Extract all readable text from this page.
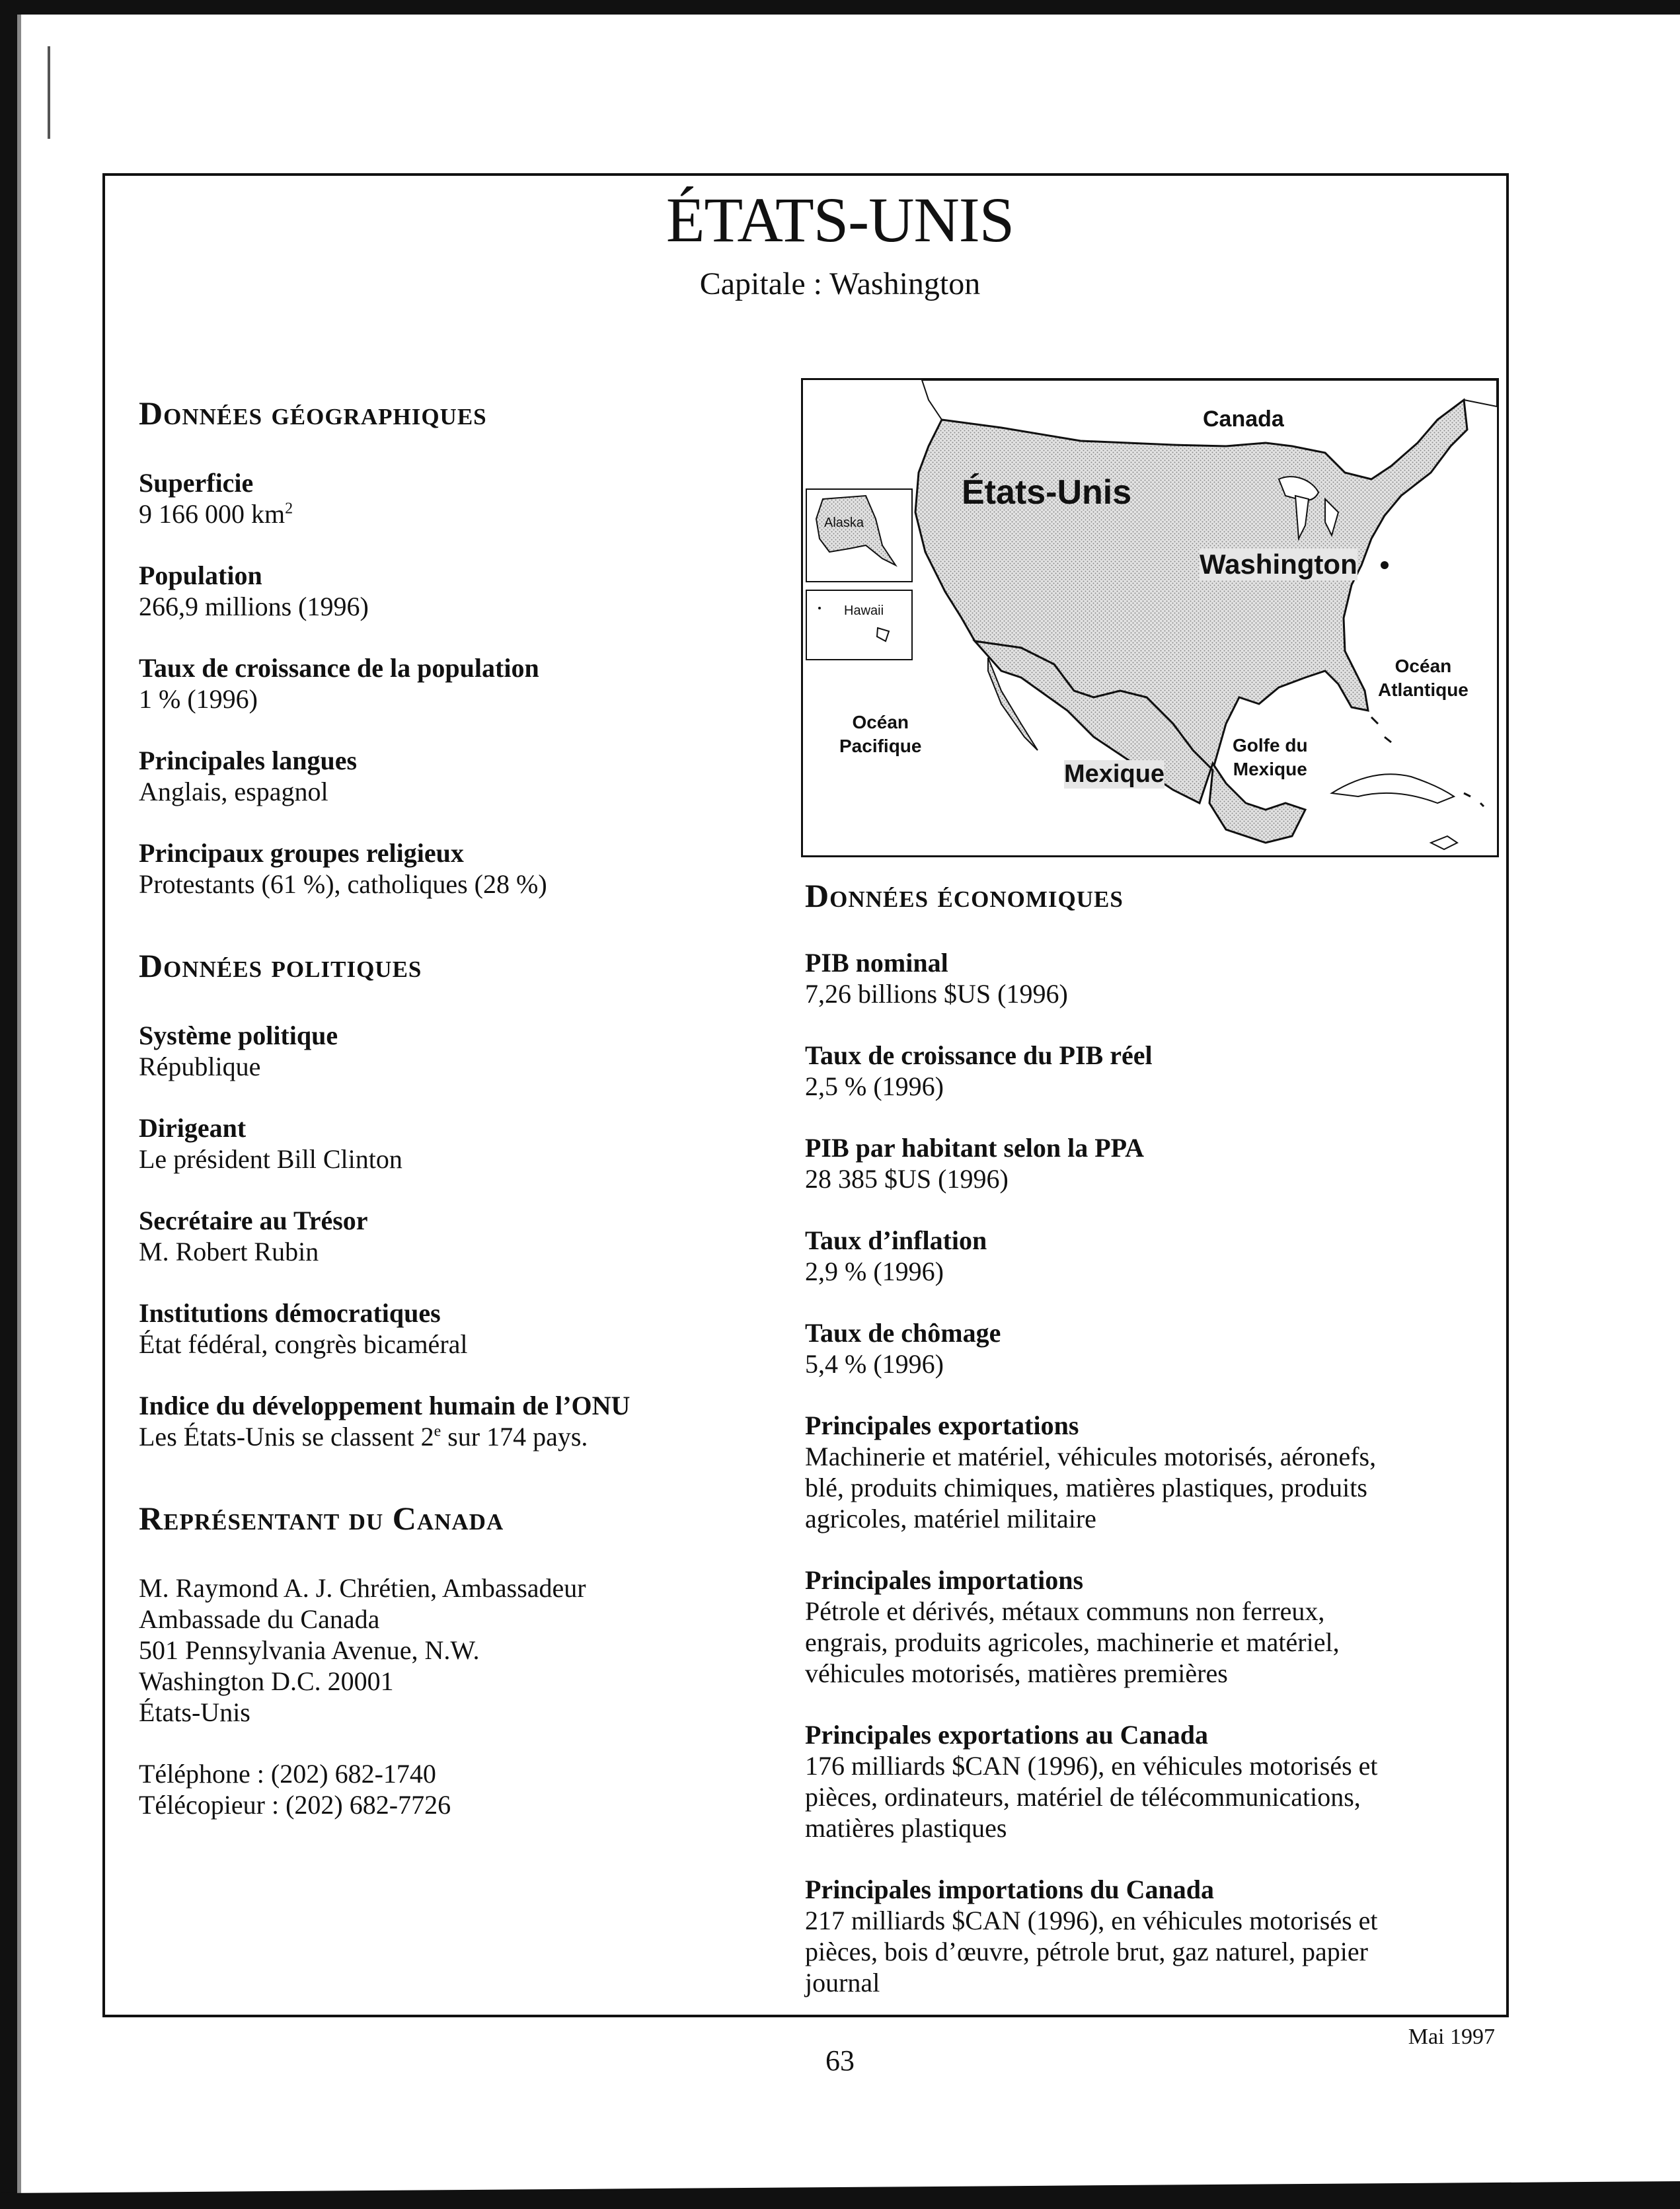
ÉTATS-UNIS
Capitale : Washington
Données géographiques
Superficie
9 166 000 $km^2$
Population
266,9 millions (1996)
Taux de croissance de la population
1 % (1996)
Principales langues
Anglais, espagnol
Principaux groupes religieux
Protestants (61 %), catholiques (28 %)
Données politiques
Système politique
République
Dirigeant
Le président Bill Clinton
Secrétaire au Trésor
M. Robert Rubin
Institutions démocratiques
État fédéral, congrès bicaméral
Indice du développement humain de l’ONU
Les États-Unis se classent 2e sur 174 pays.
Représentant du Canada
M. Raymond A. J. Chrétien, Ambassadeur
Ambassade du Canada
501 Pennsylvania Avenue, N.W.
Washington D.C. 20001
États-Unis
Téléphone : (202) 682-1740
Télécopieur : (202) 682-7726
Canada
États-Unis
Washington
Alaska
Hawaii
Océan
Atlantique
Océan
Pacifique	Golfe du
Mexique
Mexique
Données économiques
PIB nominal
7,26 billions $US (1996)
Taux de croissance du PIB réel
2,5 % (1996)
PIB par habitant selon la PPA
28 385 $US (1996)
Taux d’inflation
2,9 % (1996)
Taux de chômage
5,4 % (1996)
Principales exportations
Machinerie et matériel, véhicules motorisés, aéronefs,
blé, produits chimiques, matières plastiques, produits
agricoles, matériel militaire
Principales importations
Pétrole et dérivés, métaux communs non ferreux,
engrais, produits agricoles, machinerie et matériel,
véhicules motorisés, matières premières
Principales exportations au Canada
176 milliards $CAN (1996), en véhicules motorisés et
pièces, ordinateurs, matériel de télécommunications,
matières plastiques
Principales importations du Canada
217 milliards $CAN (1996), en véhicules motorisés et
pièces, bois d’œuvre, pétrole brut, gaz naturel, papier
journal
Mai 1997
63
